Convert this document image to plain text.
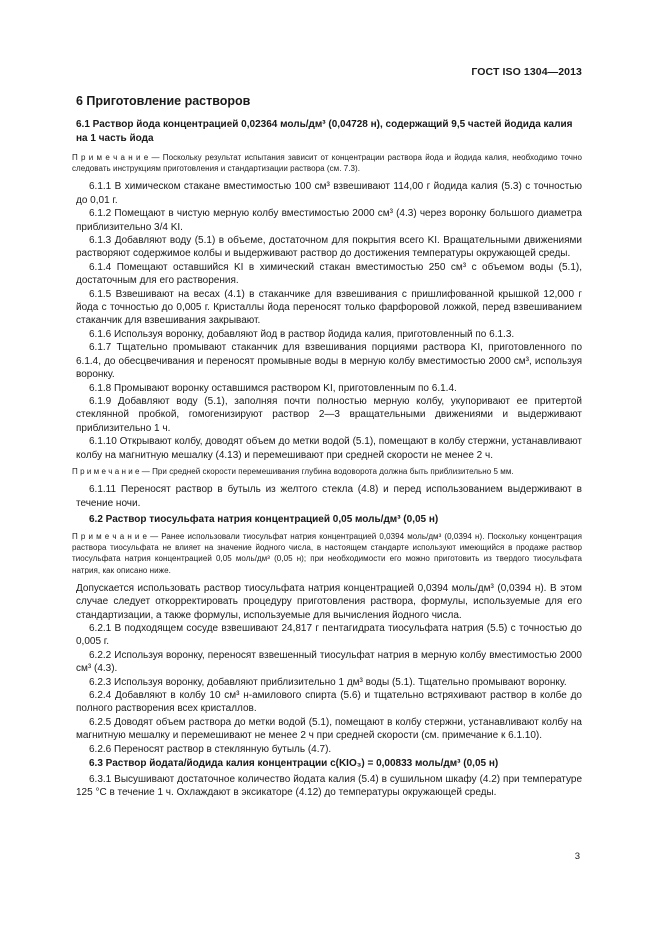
ГОСТ ISO 1304—2013
6 Приготовление растворов
6.1 Раствор йода концентрацией 0,02364 моль/дм³ (0,04728 н), содержащий 9,5 частей йодида калия на 1 часть йода
П р и м е ч а н и е — Поскольку результат испытания зависит от концентрации раствора йода и йодида калия, необходимо точно следовать инструкциям приготовления и стандартизации раствора (см. 7.3).

6.1.1 В химическом стакане вместимостью 100 см³ взвешивают 114,00 г йодида калия (5.3) с точностью до 0,01 г.

6.1.2 Помещают в чистую мерную колбу вместимостью 2000 см³ (4.3) через воронку большого диаметра приблизительно 3/4 KI.

6.1.3 Добавляют воду (5.1) в объеме, достаточном для покрытия всего KI. Вращательными движениями растворяют содержимое колбы и выдерживают раствор до достижения температуры окружающей среды.

6.1.4 Помещают оставшийся KI в химический стакан вместимостью 250 см³ с объемом воды (5.1), достаточным для его растворения.

6.1.5 Взвешивают на весах (4.1) в стаканчике для взвешивания с пришлифованной крышкой 12,000 г йода с точностью до 0,005 г. Кристаллы йода переносят только фарфоровой ложкой, перед взвешиванием стаканчик для взвешивания закрывают.

6.1.6 Используя воронку, добавляют йод в раствор йодида калия, приготовленный по 6.1.3.

6.1.7 Тщательно промывают стаканчик для взвешивания порциями раствора KI, приготовленного по 6.1.4, до обесцвечивания и переносят промывные воды в мерную колбу вместимостью 2000 см³, используя воронку.

6.1.8 Промывают воронку оставшимся раствором KI, приготовленным по 6.1.4.

6.1.9 Добавляют воду (5.1), заполняя почти полностью мерную колбу, укупоривают ее притертой стеклянной пробкой, гомогенизируют раствор 2—3 вращательными движениями и выдерживают приблизительно 1 ч.

6.1.10 Открывают колбу, доводят объем до метки водой (5.1), помещают в колбу стержни, устанавливают колбу на магнитную мешалку (4.13) и перемешивают при средней скорости не менее 2 ч.

П р и м е ч а н и е — При средней скорости перемешивания глубина водоворота должна быть приблизительно 5 мм.

6.1.11 Переносят раствор в бутыль из желтого стекла (4.8) и перед использованием выдерживают в течение ночи.

6.2 Раствор тиосульфата натрия концентрацией 0,05 моль/дм³ (0,05 н)
П р и м е ч а н и е — Ранее использовали тиосульфат натрия концентрацией 0,0394 моль/дм³ (0,0394 н). Поскольку концентрация раствора тиосульфата не влияет на значение йодного числа, в настоящем стандарте используют имеющийся в продаже раствор тиосульфата натрия концентрацией 0,05 моль/дм³ (0,05 н); при необходимости его можно приготовить из твердого тиосульфата натрия, как описано ниже.

Допускается использовать раствор тиосульфата натрия концентрацией 0,0394 моль/дм³ (0,0394 н). В этом случае следует откорректировать процедуру приготовления раствора, формулы, используемые для его стандартизации, а также формулы, используемые для вычисления йодного числа.

6.2.1 В подходящем сосуде взвешивают 24,817 г пентагидрата тиосульфата натрия (5.5) с точностью до 0,005 г.

6.2.2 Используя воронку, переносят взвешенный тиосульфат натрия в мерную колбу вместимостью 2000 см³ (4.3).

6.2.3 Используя воронку, добавляют приблизительно 1 дм³ воды (5.1). Тщательно промывают воронку.

6.2.4 Добавляют в колбу 10 см³ н-амилового спирта (5.6) и тщательно встряхивают раствор в колбе до полного растворения всех кристаллов.

6.2.5 Доводят объем раствора до метки водой (5.1), помещают в колбу стержни, устанавливают колбу на магнитную мешалку и перемешивают не менее 2 ч при средней скорости (см. примечание к 6.1.10).

6.2.6 Переносят раствор в стеклянную бутыль (4.7).

6.3 Раствор йодата/йодида калия концентрации c(KIO₃) = 0,00833 моль/дм³ (0,05 н)

6.3.1 Высушивают достаточное количество йодата калия (5.4) в сушильном шкафу (4.2) при температуре 125 °C в течение 1 ч. Охлаждают в эксикаторе (4.12) до температуры окружающей среды.

3
